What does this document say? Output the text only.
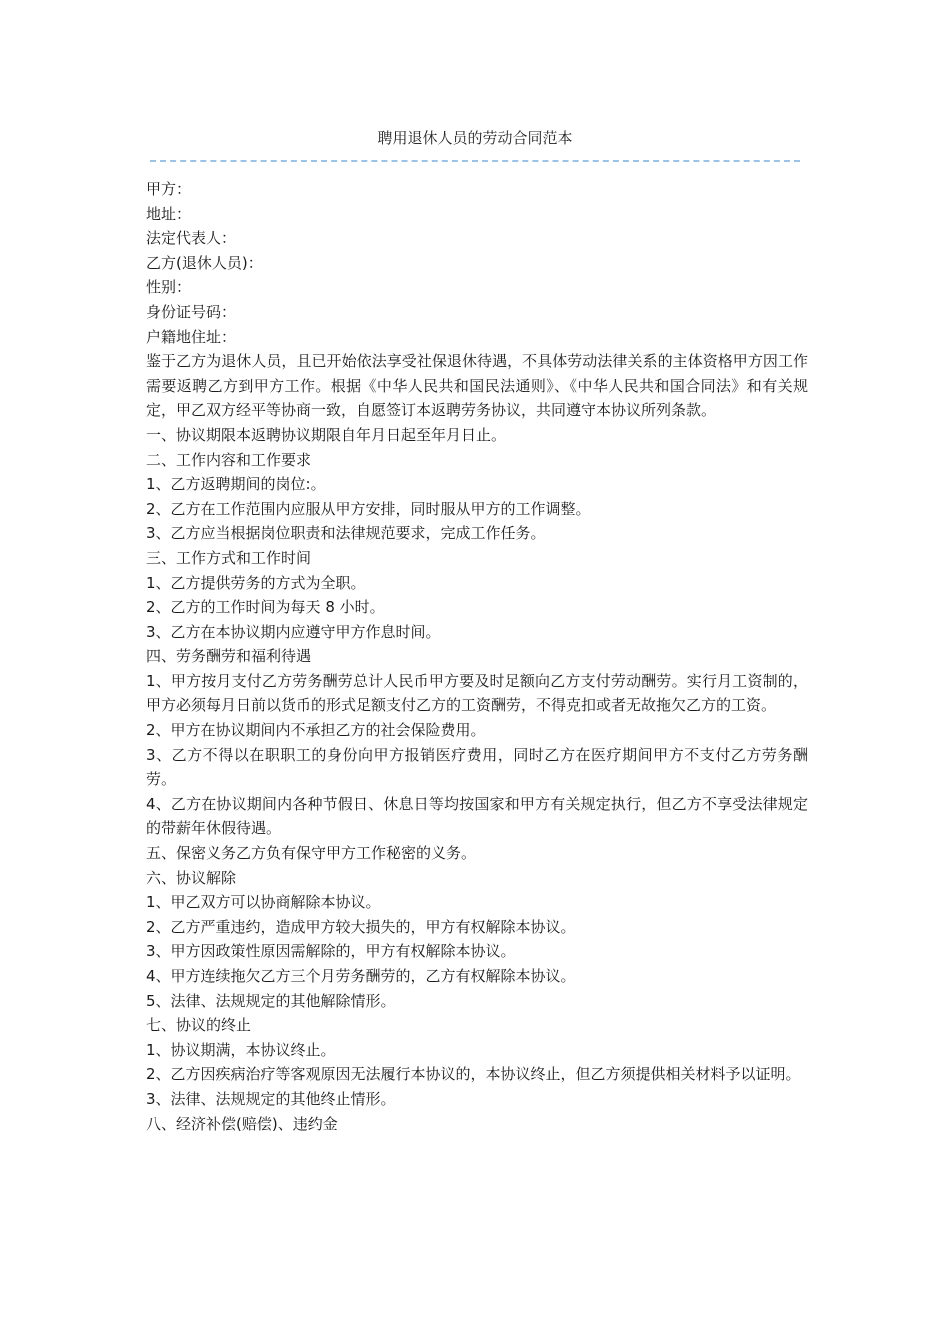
聘用退休人员的劳动合同范本

甲方：

地址：

法定代表人：

乙方(退休人员)：

性别：

身份证号码：

户籍地住址：

鉴于乙方为退休人员，且已开始依法享受社保退休待遇，不具体劳动法律关系的主体资格甲方因工作需要返聘乙方到甲方工作。根据《中华人民共和国民法通则》、《中华人民共和国合同法》和有关规定，甲乙双方经平等协商一致，自愿签订本返聘劳务协议，共同遵守本协议所列条款。

一、协议期限本返聘协议期限自年月日起至年月日止。

二、工作内容和工作要求

1、乙方返聘期间的岗位:。

2、乙方在工作范围内应服从甲方安排，同时服从甲方的工作调整。

3、乙方应当根据岗位职责和法律规范要求，完成工作任务。

三、工作方式和工作时间

1、乙方提供劳务的方式为全职。

2、乙方的工作时间为每天 8 小时。

3、乙方在本协议期内应遵守甲方作息时间。

四、劳务酬劳和福利待遇

1、甲方按月支付乙方劳务酬劳总计人民币甲方要及时足额向乙方支付劳动酬劳。实行月工资制的，甲方必须每月日前以货币的形式足额支付乙方的工资酬劳，不得克扣或者无故拖欠乙方的工资。

2、甲方在协议期间内不承担乙方的社会保险费用。

3、乙方不得以在职职工的身份向甲方报销医疗费用，同时乙方在医疗期间甲方不支付乙方劳务酬劳。

4、乙方在协议期间内各种节假日、休息日等均按国家和甲方有关规定执行，但乙方不享受法律规定的带薪年休假待遇。

五、保密义务乙方负有保守甲方工作秘密的义务。

六、协议解除

1、甲乙双方可以协商解除本协议。

2、乙方严重违约，造成甲方较大损失的，甲方有权解除本协议。

3、甲方因政策性原因需解除的，甲方有权解除本协议。

4、甲方连续拖欠乙方三个月劳务酬劳的，乙方有权解除本协议。

5、法律、法规规定的其他解除情形。

七、协议的终止

1、协议期满，本协议终止。

2、乙方因疾病治疗等客观原因无法履行本协议的，本协议终止，但乙方须提供相关材料予以证明。

3、法律、法规规定的其他终止情形。

八、经济补偿(赔偿)、违约金
